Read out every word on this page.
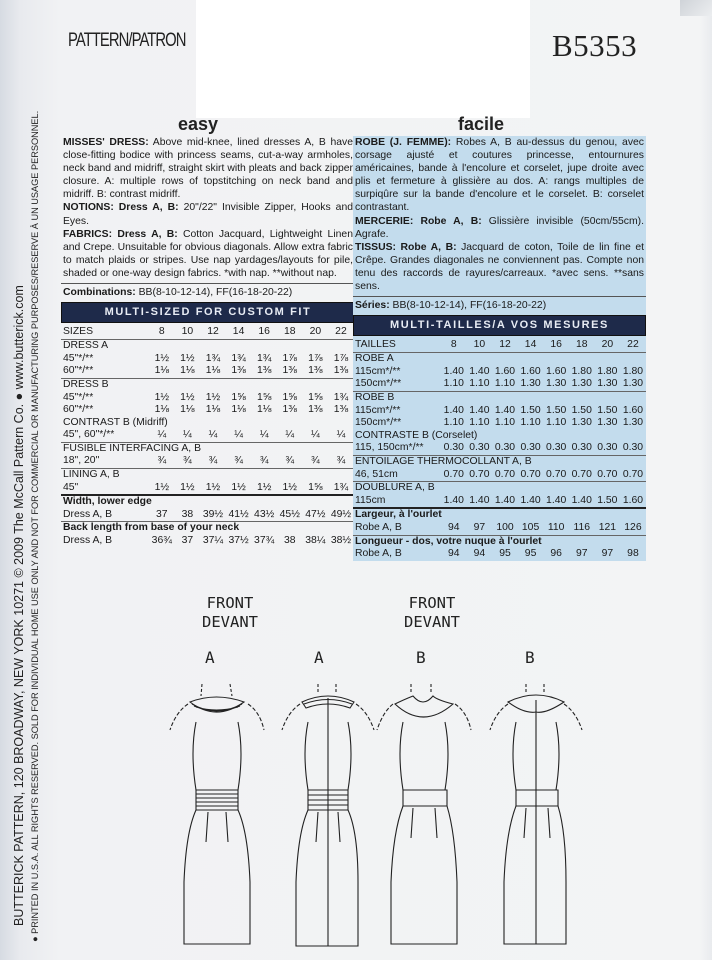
PATTERN/PATRON	B5353
easy	facile
BUTTERICK PATTERN, 120 BROADWAY, NEW YORK 10271 © 2009 The McCall Pattern Co. ● www.butterick.com ● PRINTED IN U.S.A. ALL RIGHTS RESERVED. SOLD FOR INDIVIDUAL HOME USE ONLY AND NOT FOR COMMERCIAL OR MANUFACTURING PURPOSES/RESERVE À UN USAGE PERSONNEL. MISSES' DRESS: Above mid-knee, lined dresses A, B have close-fitting bodice with princess seams, cut-a-way armholes, neck band and midriff, straight skirt with pleats and back zipper closure. A: multiple rows of topstitching on neck band and midriff. B: contrast midriff.

NOTIONS: Dress A, B: 20"/22" Invisible Zipper, Hooks and Eyes.

FABRICS: Dress A, B: Cotton Jacquard, Lightweight Linen and Crepe. Unsuitable for obvious diagonals. Allow extra fabric to match plaids or stripes. Use nap yardages/layouts for pile, shaded or one-way design fabrics. *with nap. **without nap.

Combinations: BB(8-10-12-14), FF(16-18-20-22)
MULTI-SIZED FOR CUSTOM FIT
SIZES	8	10	12	14	16	18	20	22
DRESS A
45"*/**	1½	1½	1¾	1¾	1¾	1⅞	1⅞	1⅞
60"*/**	1⅛	1⅛	1⅛	1⅜	1⅜	1⅜	1⅜	1⅜
DRESS B
45"*/**	1½	1½	1½	1⅝	1⅝	1⅝	1⅝	1¾
60"*/**	1⅛	1⅛	1⅛	1⅛	1⅛	1⅜	1⅜	1⅜
CONTRAST B (Midriff)
45", 60"*/**	¼	¼	¼	¼	¼	¼	¼	¼
FUSIBLE INTERFACING A, B
18", 20"	¾	¾	¾	¾	¾	¾	¾	¾
LINING A, B
45"	1½	1½	1½	1½	1½	1½	1⅝	1¾
Width, lower edge
Dress A, B	37	38 39½ 41½ 43½ 45½ 47½ 49½
Back length from base of your neck
Dress A, B	36¾ 37 37¼ 37½ 37¾ 38 38¼ 38½

ROBE (J. FEMME): Robes A, B au-dessus du genou, avec corsage ajusté et coutures princesse, entournures américaines, bande à l'encolure et corselet, jupe droite avec plis et fermeture à glissière au dos. A: rangs multiples de surpiqûre sur la bande d'encolure et le corselet. B: corselet contrastant.

MERCERIE: Robe A, B: Glissière invisible (50cm/55cm). Agrafe.

TISSUS: Robe A, B: Jacquard de coton, Toile de lin fine et Crêpe. Grandes diagonales ne conviennent pas. Compte non tenu des raccords de rayures/carreaux. *avec sens. **sans sens.

Séries: BB(8-10-12-14), FF(16-18-20-22)
MULTI-TAILLES/A VOS MESURES
TAILLES	8	10	12	14	16	18	20	22
ROBE A
115cm*/**	1.40 1.40 1.60 1.60 1.60 1.80 1.80 1.80
150cm*/**	1.10 1.10 1.10 1.30 1.30 1.30 1.30 1.30
ROBE B
115cm*/**	1.40 1.40 1.40 1.50 1.50 1.50 1.50 1.60
150cm*/**	1.10 1.10 1.10 1.10 1.10 1.30 1.30 1.30
CONTRASTE B (Corselet)
115, 150cm*/**	0.30 0.30 0.30 0.30 0.30 0.30 0.30 0.30
ENTOILAGE THERMOCOLLANT A, B
46, 51cm	0.70 0.70 0.70 0.70 0.70 0.70 0.70 0.70
DOUBLURE A, B
115cm	1.40 1.40 1.40 1.40 1.40 1.40 1.50 1.60
Largeur, à l'ourlet
Robe A, B	94	97	100 105 110 116 121 126
Longueur - dos, votre nuque à l'ourlet
Robe A, B	94	94	95	95	96	97	97	98
FRONT
DEVANT
FRONT
DEVANT
A	A	B	B
